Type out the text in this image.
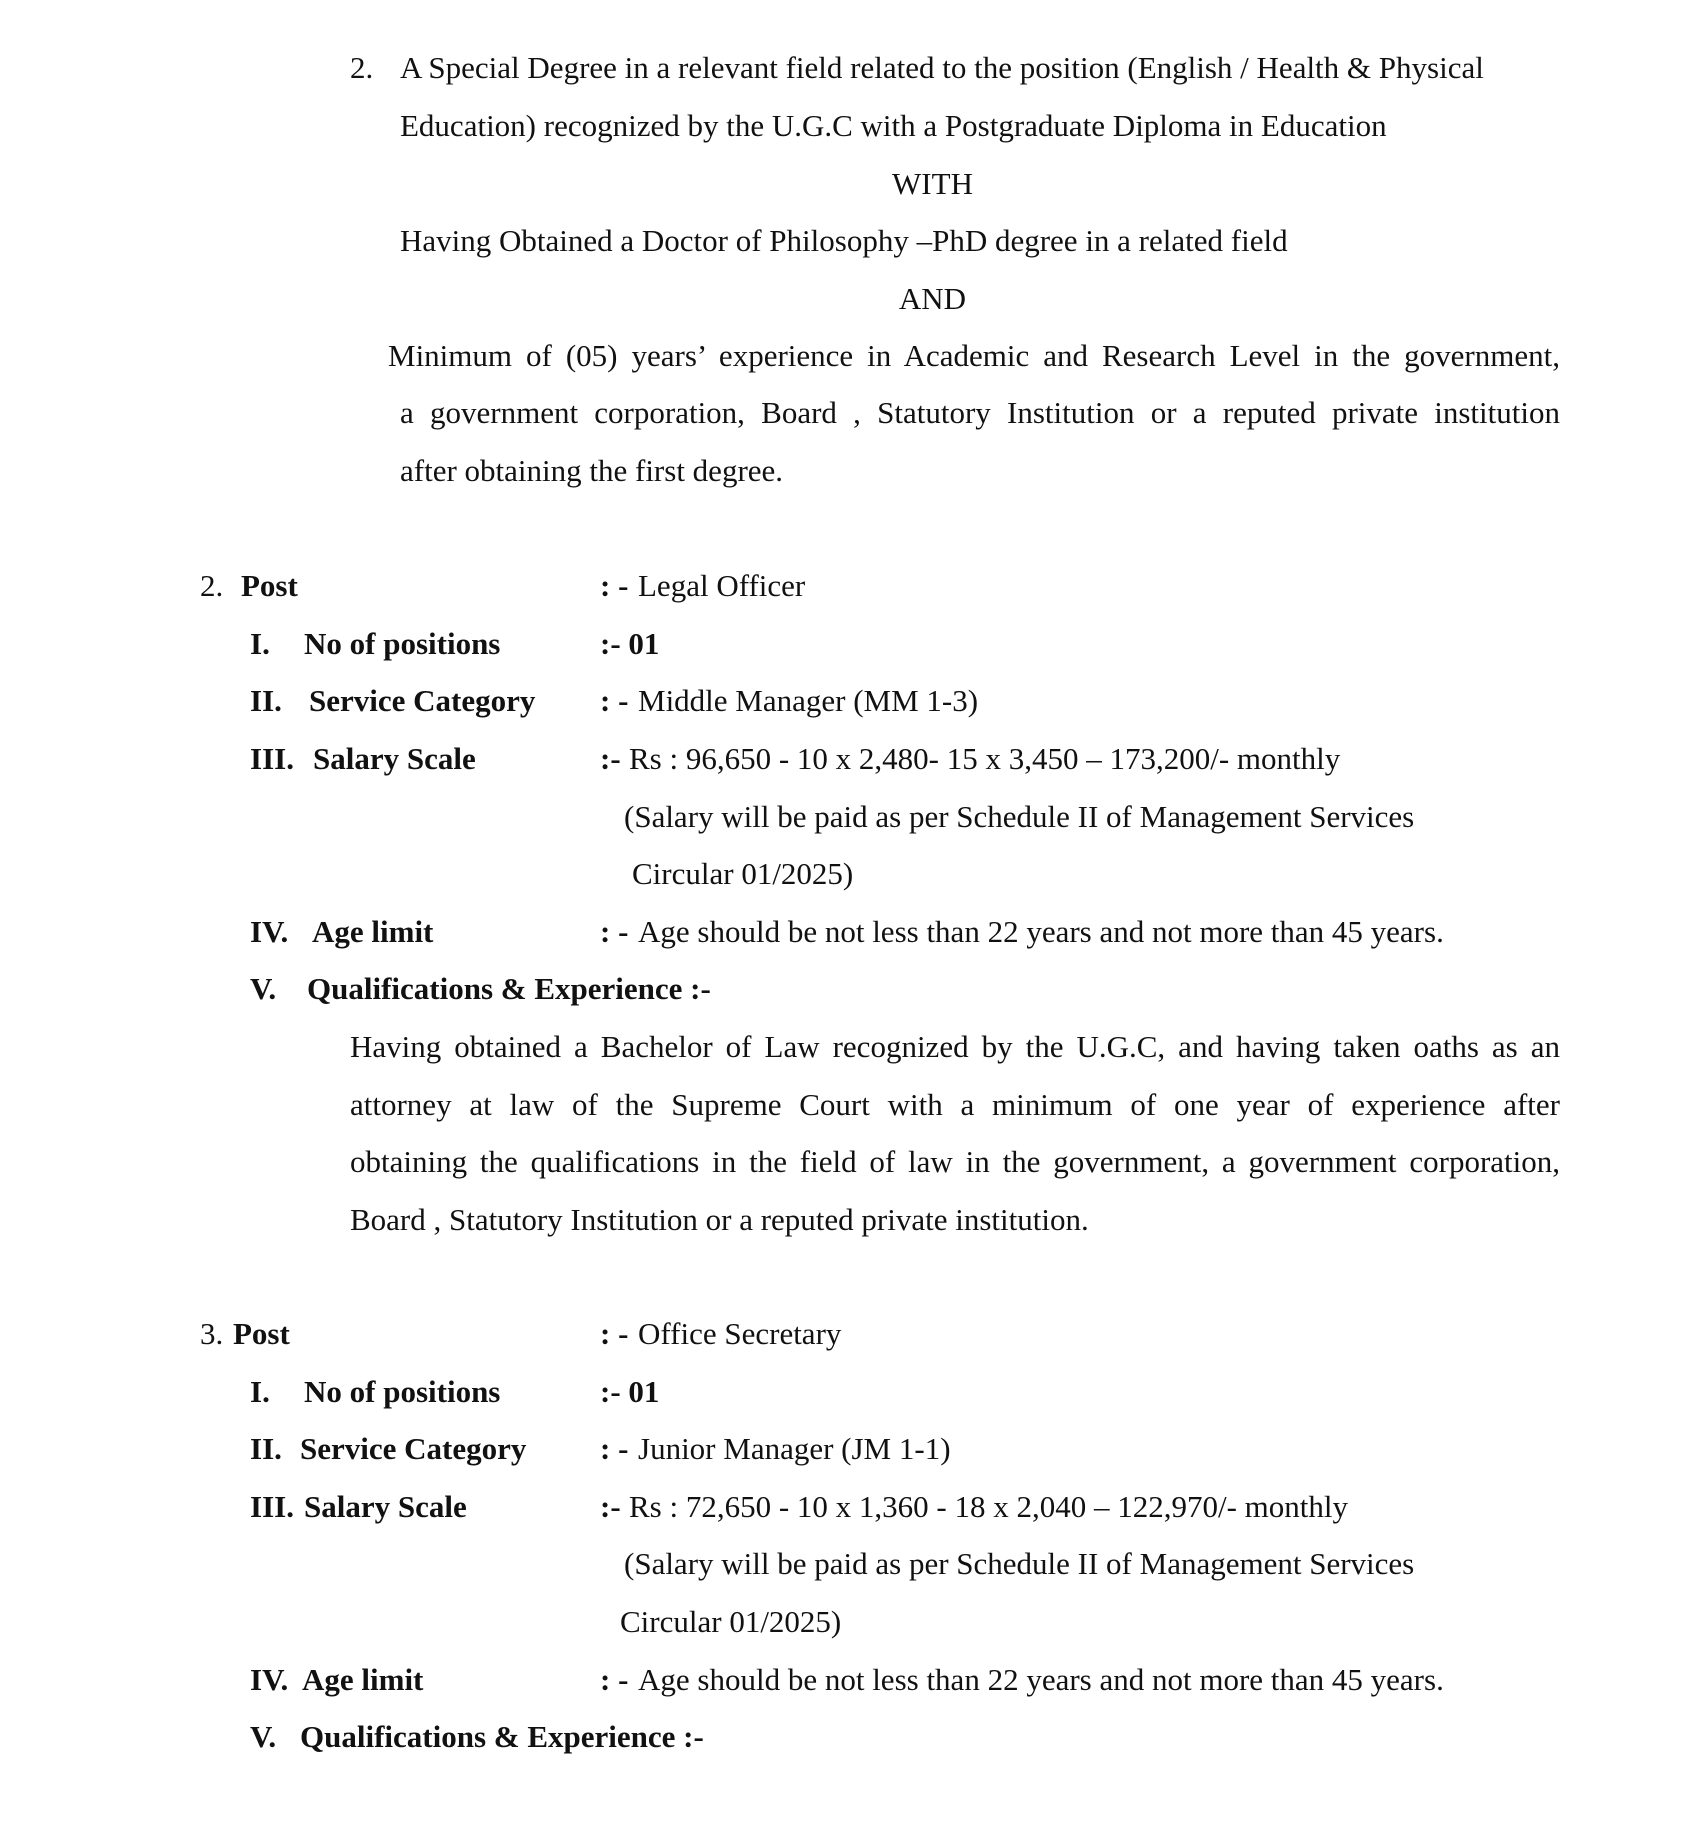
2. A Special Degree in a relevant field related to the position (English / Health & Physical
Education) recognized by the U.G.C with a Postgraduate Diploma in Education
WITH
Having Obtained a Doctor of Philosophy –PhD degree in a related field
AND
Minimum of (05) years’ experience in Academic and Research Level in the government,
a government corporation, Board , Statutory Institution or a reputed private institution
after obtaining the first degree.
2. Post	: - Legal Officer
I. No of positions	:- 01
II. Service Category : - Middle Manager (MM 1-3)
III. Salary Scale	:- Rs : 96,650 - 10 x 2,480- 15 x 3,450 – 173,200/- monthly
(Salary will be paid as per Schedule II of Management Services
Circular 01/2025)
IV. Age limit	: - Age should be not less than 22 years and not more than 45 years.
V. Qualifications & Experience :-
Having obtained a Bachelor of Law recognized by the U.G.C, and having taken oaths as an
attorney at law of the Supreme Court with a minimum of one year of experience after
obtaining the qualifications in the field of law in the government, a government corporation,
Board , Statutory Institution or a reputed private institution.
3. Post	: - Office Secretary
I. No of positions	:- 01
II. Service Category : - Junior Manager (JM 1-1)
III. Salary Scale	:- Rs : 72,650 - 10 x 1,360 - 18 x 2,040 – 122,970/- monthly
(Salary will be paid as per Schedule II of Management Services
Circular 01/2025)
IV. Age limit	: - Age should be not less than 22 years and not more than 45 years.
V. Qualifications & Experience :-
